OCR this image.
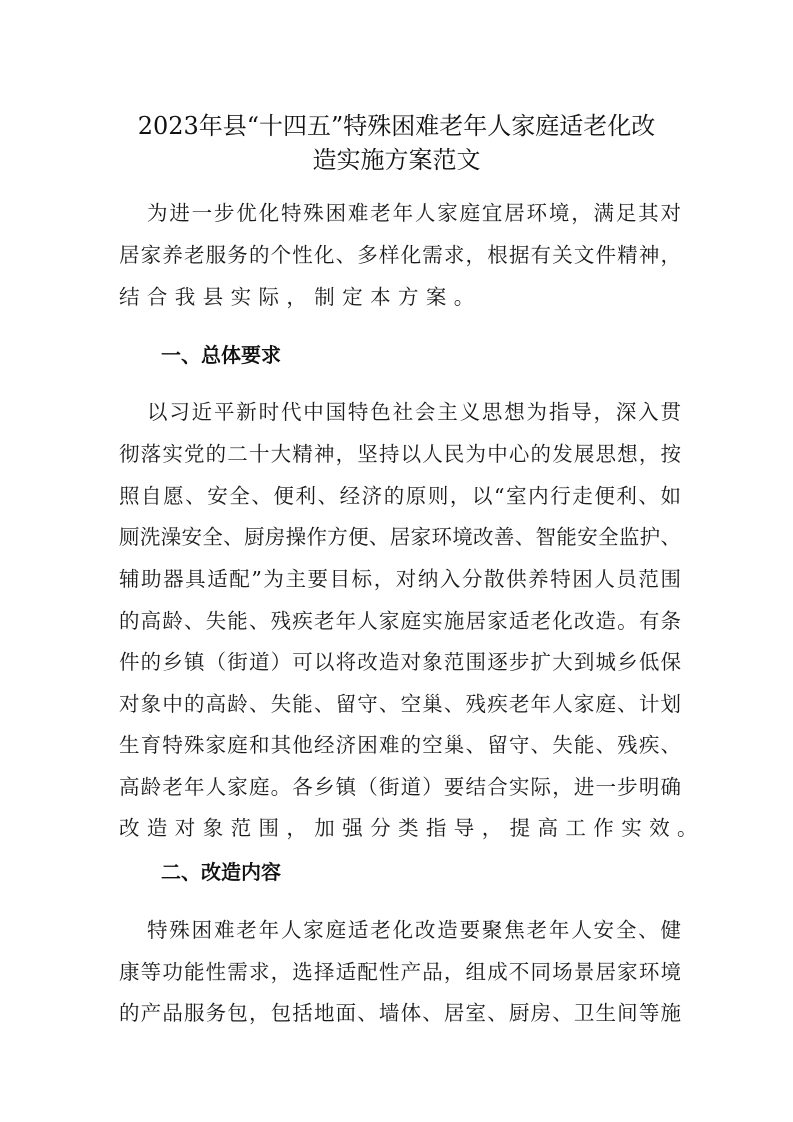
2023年县“十四五”特殊困难老年人家庭适老化改
造实施方案范文
为进一步优化特殊困难老年人家庭宜居环境，满足其对
居家养老服务的个性化、多样化需求，根据有关文件精神，
结合我县实际，制定本方案。
一、总体要求
以习近平新时代中国特色社会主义思想为指导，深入贯
彻落实党的二十大精神，坚持以人民为中心的发展思想，按
照自愿、安全、便利、经济的原则，以“室内行走便利、如
厕洗澡安全、厨房操作方便、居家环境改善、智能安全监护、
辅助器具适配”为主要目标，对纳入分散供养特困人员范围
的高龄、失能、残疾老年人家庭实施居家适老化改造。有条
件的乡镇（街道）可以将改造对象范围逐步扩大到城乡低保
对象中的高龄、失能、留守、空巢、残疾老年人家庭、计划
生育特殊家庭和其他经济困难的空巢、留守、失能、残疾、
高龄老年人家庭。各乡镇（街道）要结合实际，进一步明确
改造对象范围，加强分类指导，提高工作实效。
二、改造内容
特殊困难老年人家庭适老化改造要聚焦老年人安全、健
康等功能性需求，选择适配性产品，组成不同场景居家环境
的产品服务包，包括地面、墙体、居室、厨房、卫生间等施
